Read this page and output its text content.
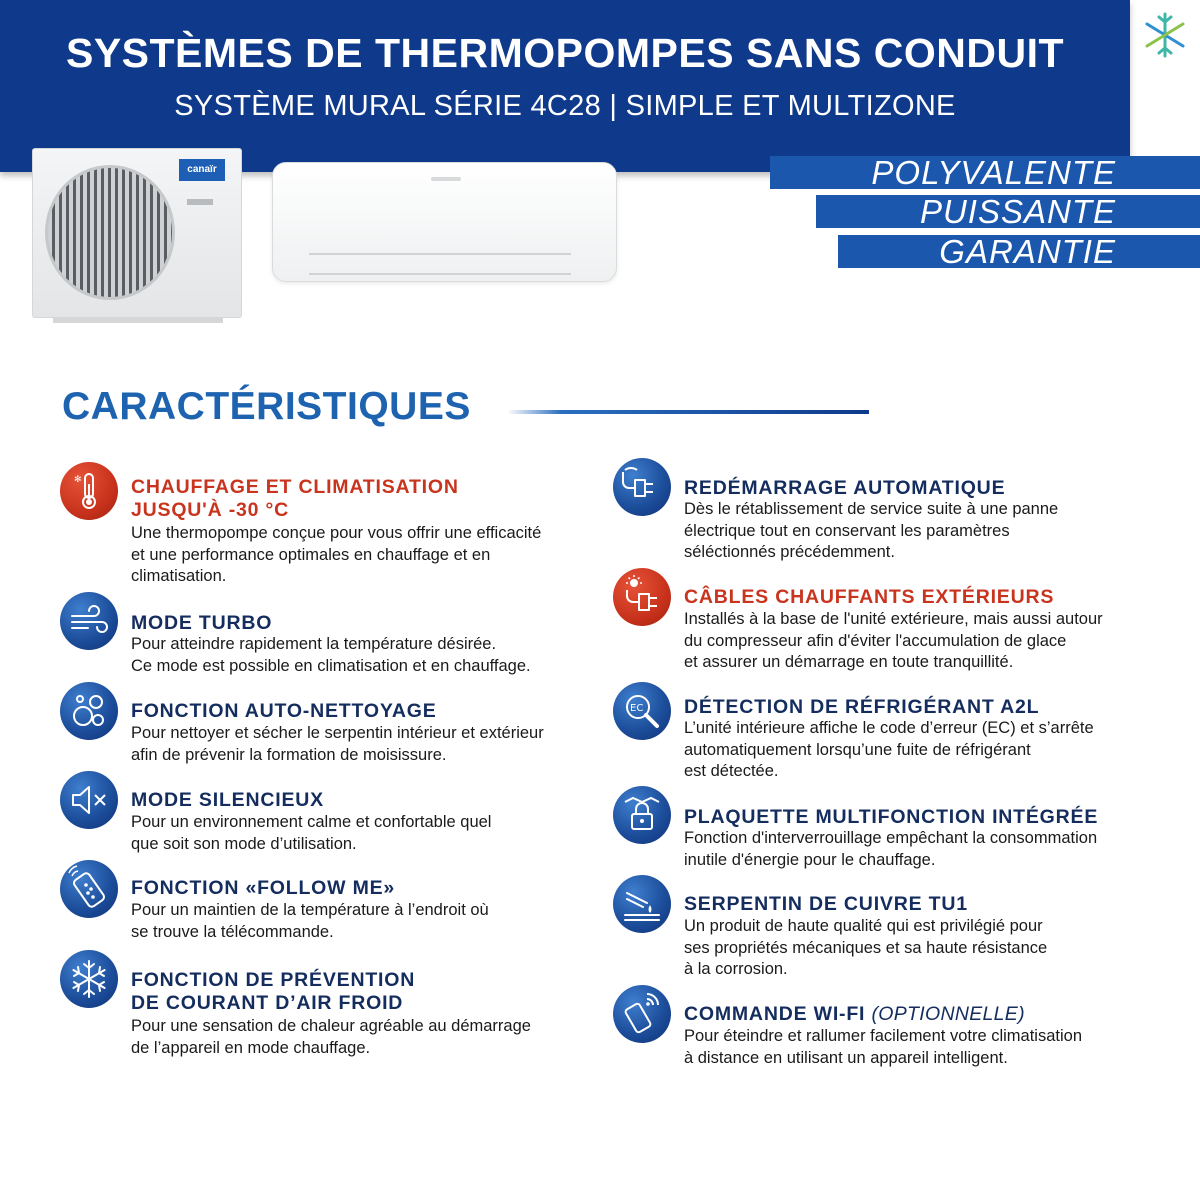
SYSTÈMES DE THERMOPOMPES SANS CONDUIT
SYSTÈME MURAL SÉRIE 4C28 | SIMPLE ET MULTIZONE
canaïr	POLYVALENTE
PUISSANTE
GARANTIE
CARACTÉRISTIQUES
✻	CHAUFFAGE ET CLIMATISATION
JUSQU'À -30 °C
Une thermopompe conçue pour vous offrir une efficacité
et une performance optimales en chauffage et en
climatisation.
MODE TURBO
Pour atteindre rapidement la température désirée.
Ce mode est possible en climatisation et en chauffage.
FONCTION AUTO-NETTOYAGE
Pour nettoyer et sécher le serpentin intérieur et extérieur
afin de prévenir la formation de moisissure.
MODE SILENCIEUX
Pour un environnement calme et confortable quel
que soit son mode d’utilisation.
FONCTION «FOLLOW ME»
Pour un maintien de la température à l’endroit où
se trouve la télécommande.
FONCTION DE PRÉVENTION
DE COURANT D’AIR FROID
Pour une sensation de chaleur agréable au démarrage
de l’appareil en mode chauffage.
REDÉMARRAGE AUTOMATIQUE
Dès le rétablissement de service suite à une panne
électrique tout en conservant les paramètres
séléctionnés précédemment.
CÂBLES CHAUFFANTS EXTÉRIEURS
Installés à la base de l'unité extérieure, mais aussi autour
du compresseur afin d'éviter l'accumulation de glace
et assurer un démarrage en toute tranquillité.
EC DÉTECTION DE RÉFRIGÉRANT A2L
L’unité intérieure affiche le code d’erreur (EC) et s’arrête
automatiquement lorsqu’une fuite de réfrigérant
est détectée.
PLAQUETTE MULTIFONCTION INTÉGRÉE
Fonction d'interverrouillage empêchant la consommation
inutile d'énergie pour le chauffage.
SERPENTIN DE CUIVRE TU1
Un produit de haute qualité qui est privilégié pour
ses propriétés mécaniques et sa haute résistance
à la corrosion.
COMMANDE WI-FI (OPTIONNELLE)
Pour éteindre et rallumer facilement votre climatisation
à distance en utilisant un appareil intelligent.
